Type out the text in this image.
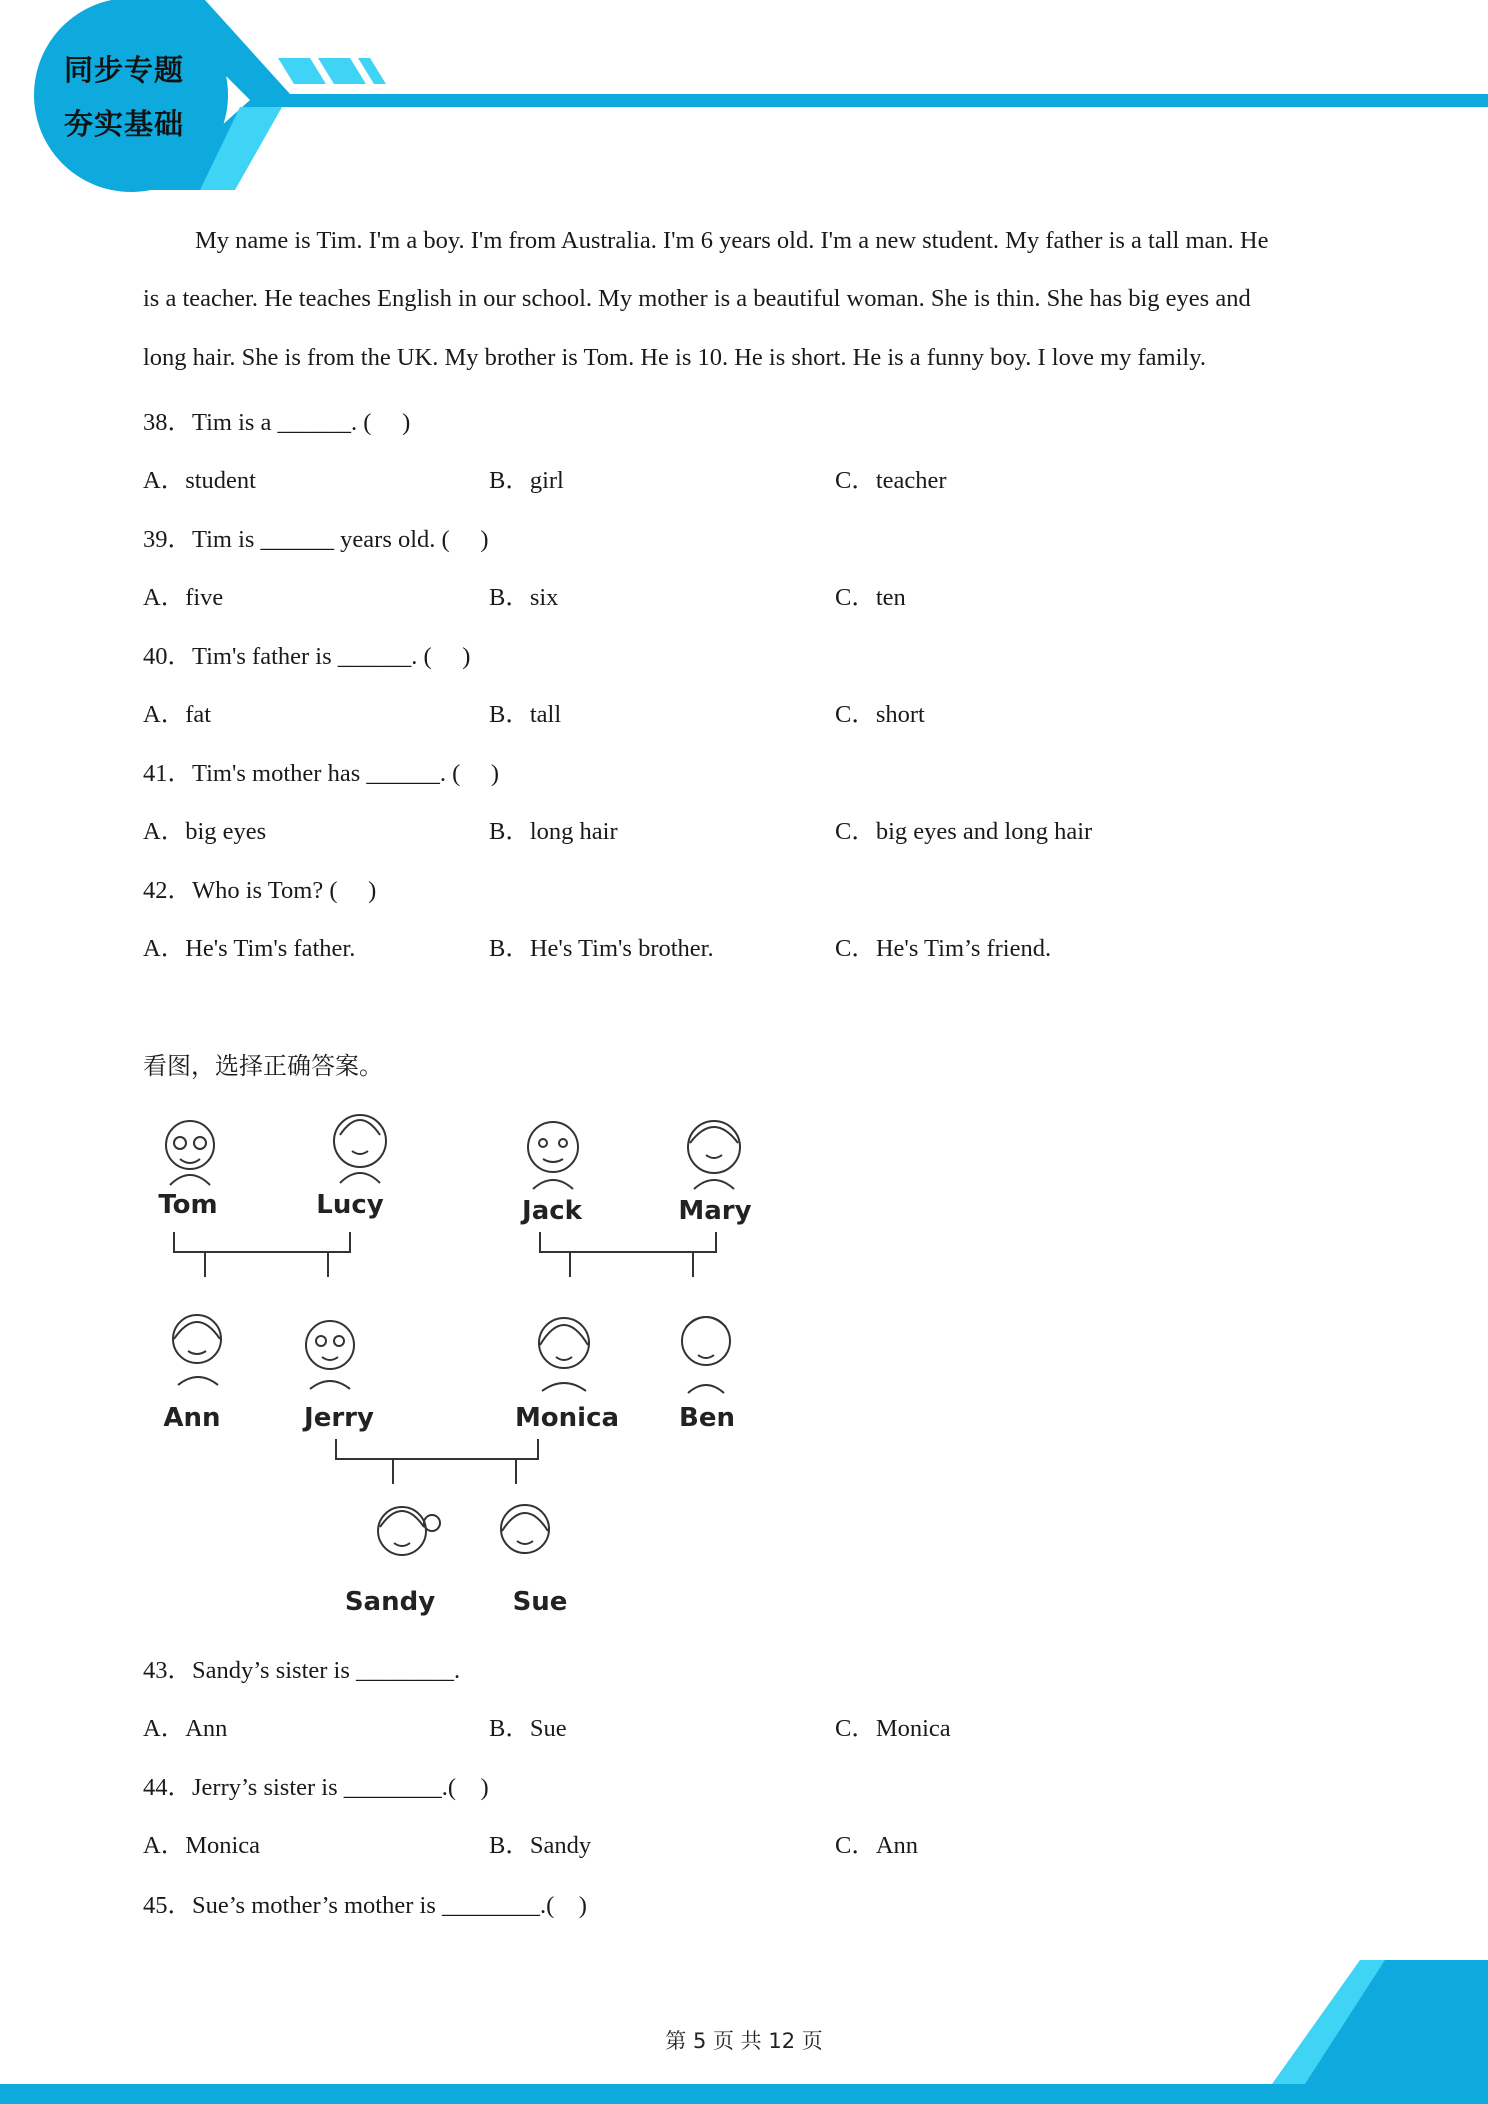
同步专题
夯实基础
My name is Tim. I'm a boy. I'm from Australia. I'm 6 years old. I'm a new student. My father is a tall man. He
is a teacher. He teaches English in our school. My mother is a beautiful woman. She is thin. She has big eyes and
long hair. She is from the UK. My brother is Tom. He is 10. He is short. He is a funny boy. I love my family.
38．Tim is a ______. (     )
A．student	B．girl	C．teacher
39．Tim is ______ years old. (     )
A．five	B．six	C．ten
40．Tim's father is ______. (     )
A．fat	B．tall	C．short
41．Tim's mother has ______. (     )
A．big eyes	B．long hair	C．big eyes and long hair
42．Who is Tom? (     )
A．He's Tim's father.	B．He's Tim's brother.	C．He's Tim’s friend.
看图，选择正确答案。
Tom	Lucy	Jack	Mary
Ann	Jerry	Monica Ben
Sandy	Sue
43．Sandy’s sister is ________.
A．Ann	B．Sue	C．Monica
44．Jerry’s sister is ________.(    )
A．Monica	B．Sandy	C．Ann
45．Sue’s mother’s mother is ________.(    )
第 5 页 共 12 页
